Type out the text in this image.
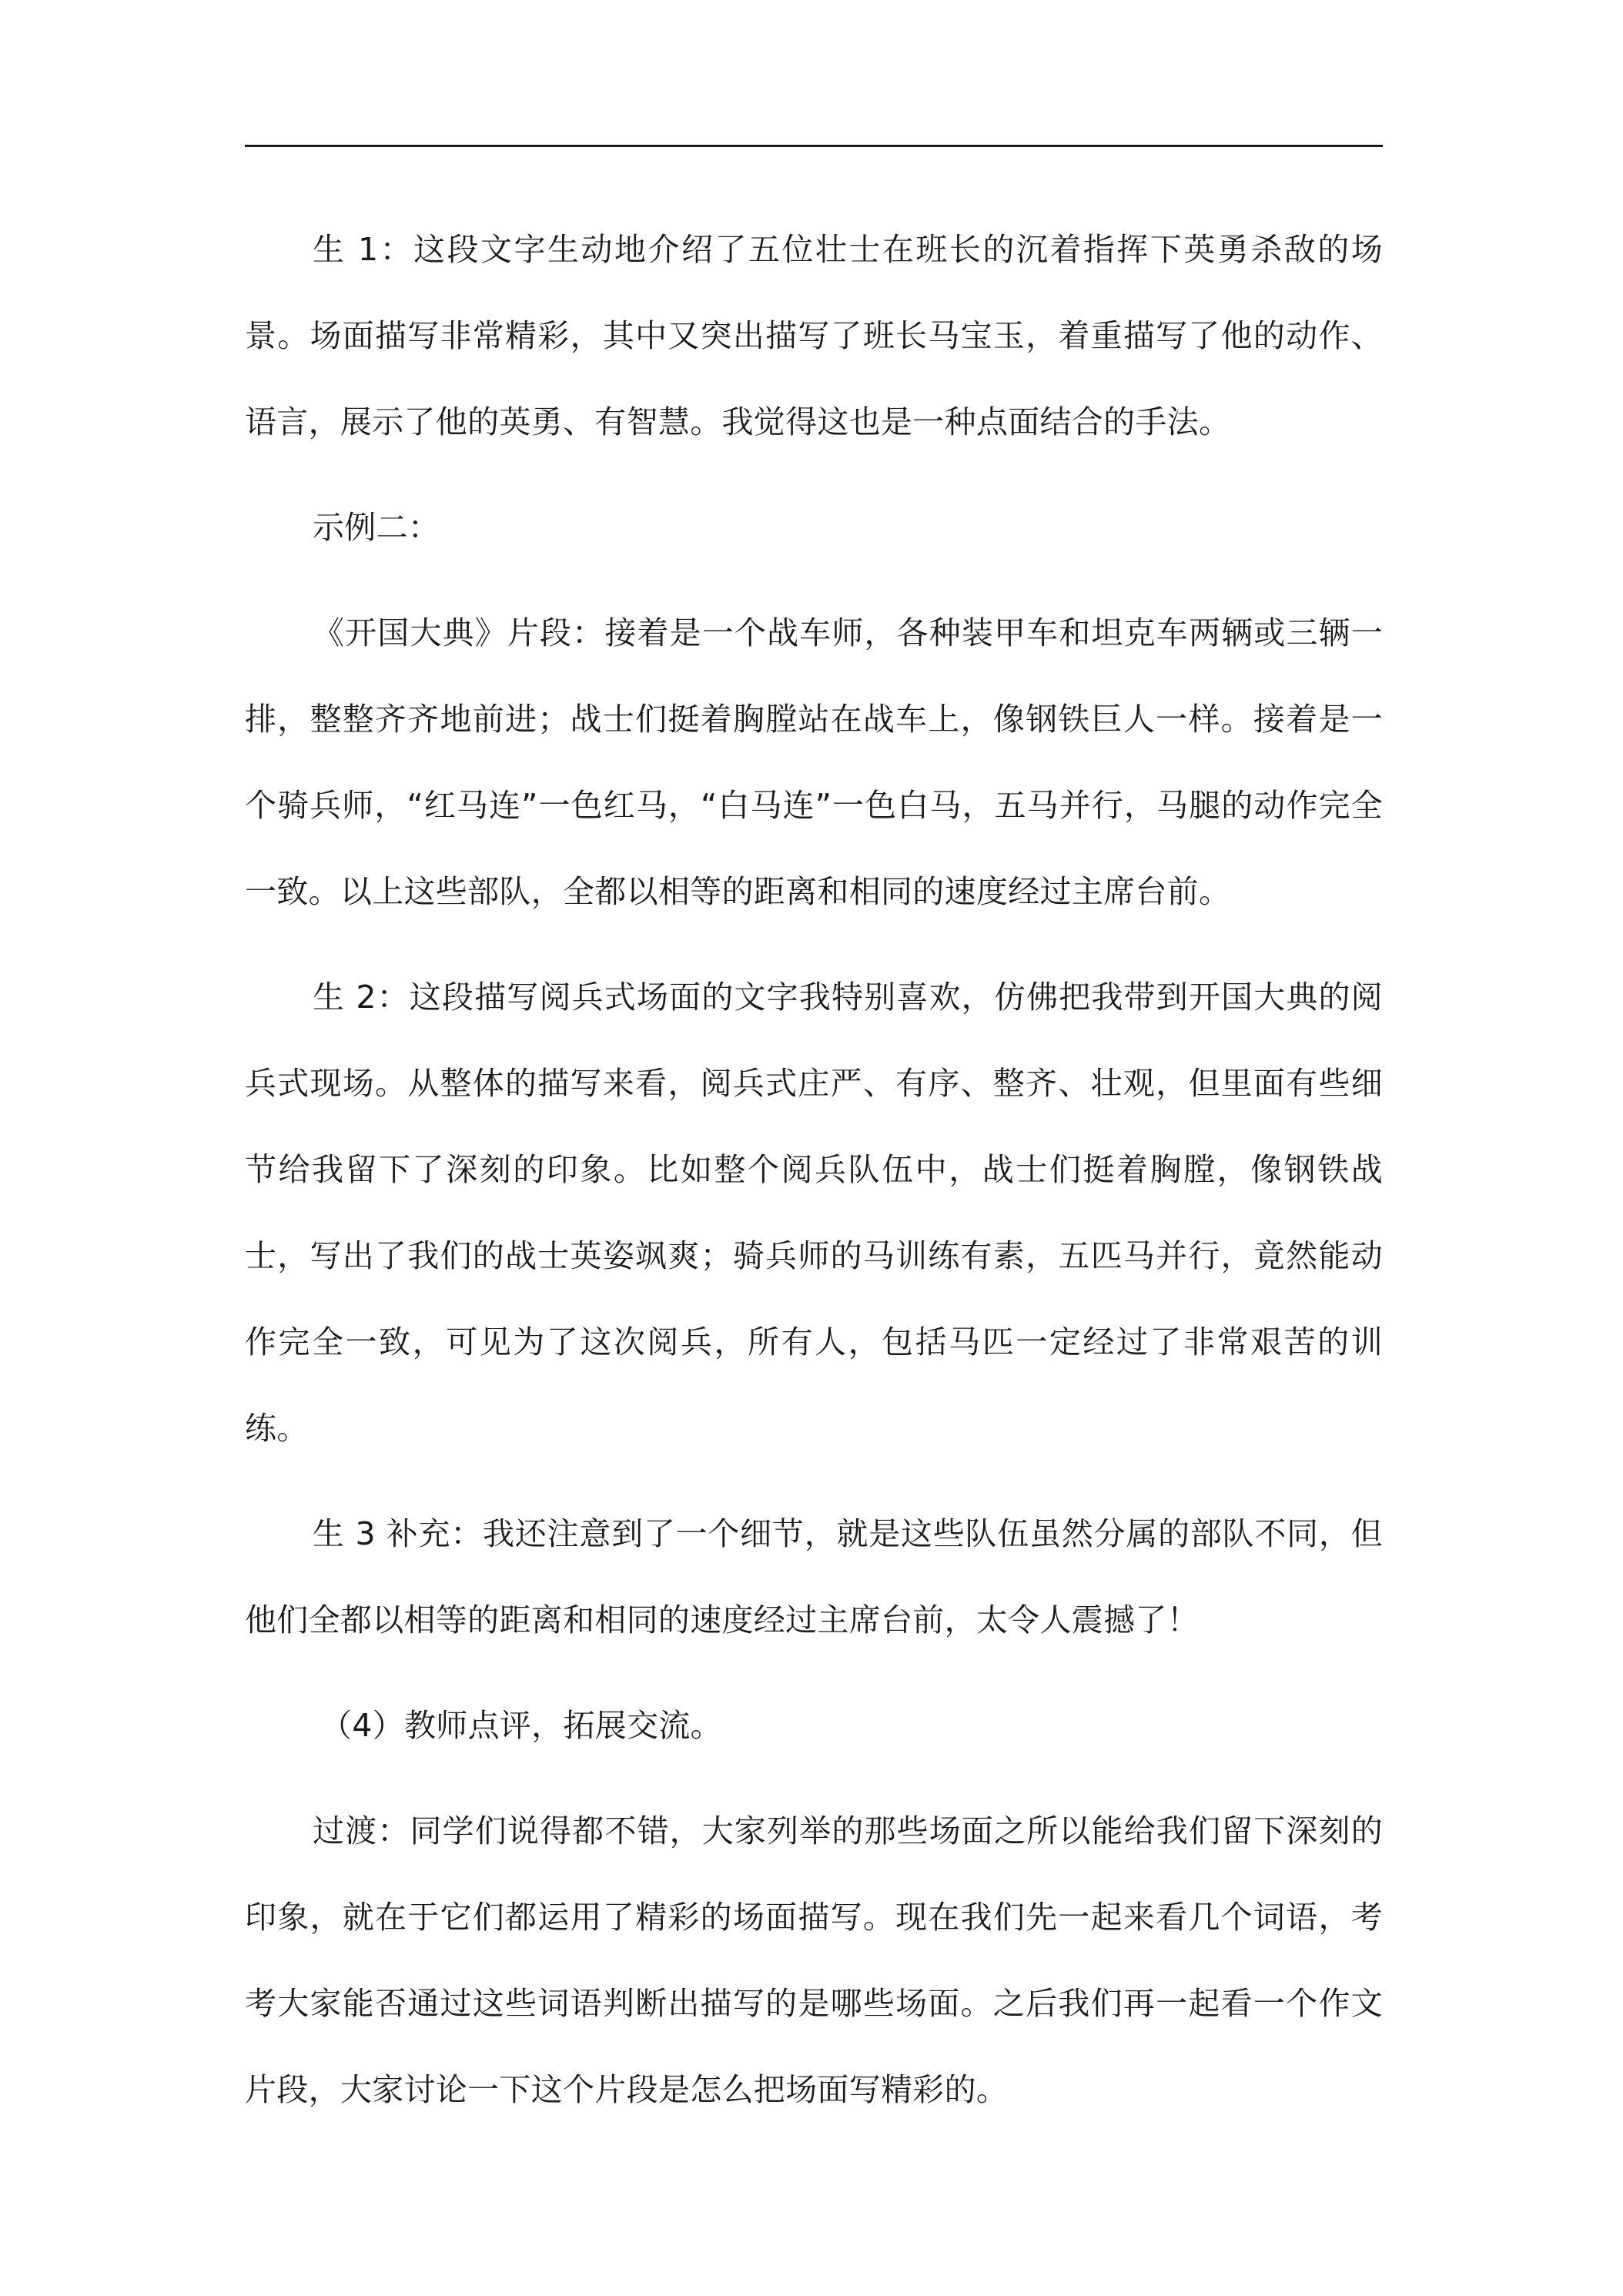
生 1：这段文字生动地介绍了五位壮士在班长的沉着指挥下英勇杀敌的场景。场面描写非常精彩，其中又突出描写了班长马宝玉，着重描写了他的动作、语言，展示了他的英勇、有智慧。我觉得这也是一种点面结合的手法。

示例二：

《开国大典》片段：接着是一个战车师，各种装甲车和坦克车两辆或三辆一排，整整齐齐地前进；战士们挺着胸膛站在战车上，像钢铁巨人一样。接着是一个骑兵师，“红马连”一色红马，“白马连”一色白马，五马并行，马腿的动作完全一致。以上这些部队，全都以相等的距离和相同的速度经过主席台前。

生 2：这段描写阅兵式场面的文字我特别喜欢，仿佛把我带到开国大典的阅兵式现场。从整体的描写来看，阅兵式庄严、有序、整齐、壮观，但里面有些细节给我留下了深刻的印象。比如整个阅兵队伍中，战士们挺着胸膛，像钢铁战士，写出了我们的战士英姿飒爽；骑兵师的马训练有素，五匹马并行，竟然能动作完全一致，可见为了这次阅兵，所有人，包括马匹一定经过了非常艰苦的训练。

生 3 补充：我还注意到了一个细节，就是这些队伍虽然分属的部队不同，但他们全都以相等的距离和相同的速度经过主席台前，太令人震撼了！

（4）教师点评，拓展交流。

过渡：同学们说得都不错，大家列举的那些场面之所以能给我们留下深刻的印象，就在于它们都运用了精彩的场面描写。现在我们先一起来看几个词语，考考大家能否通过这些词语判断出描写的是哪些场面。之后我们再一起看一个作文片段，大家讨论一下这个片段是怎么把场面写精彩的。
